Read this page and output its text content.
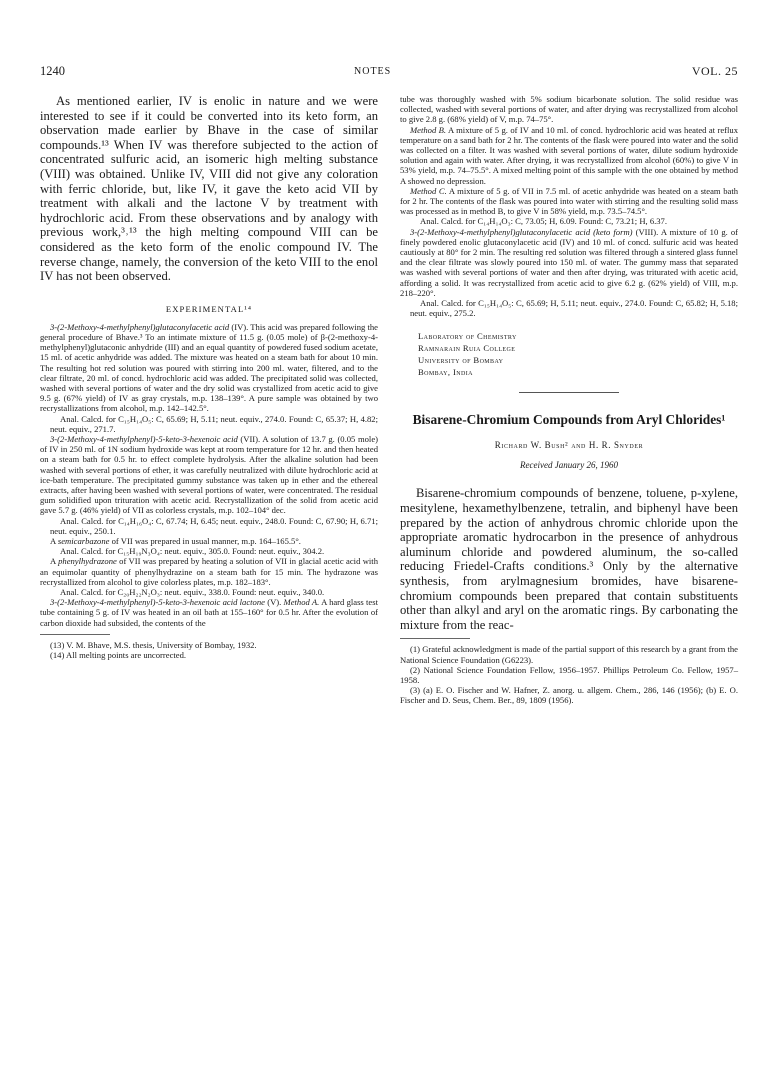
1240	NOTES	VOL. 25

As mentioned earlier, IV is enolic in nature and we were interested to see if it could be converted into its keto form, an observation made earlier by Bhave in the case of similar compounds.¹³ When IV was therefore subjected to the action of concentrated sulfuric acid, an isomeric high melting substance (VIII) was obtained. Unlike IV, VIII did not give any coloration with ferric chloride, but, like IV, it gave the keto acid VII by treatment with alkali and the lactone V by treatment with hydrochloric acid. From these observations and by analogy with previous work,³˒¹³ the high melting compound VIII can be considered as the keto form of the enolic compound IV. The reverse change, namely, the conversion of the keto VIII to the enol IV has not been observed.

EXPERIMENTAL¹⁴

3-(2-Methoxy-4-methylphenyl)glutaconylacetic acid (IV). This acid was prepared following the general procedure of Bhave.³ To an intimate mixture of 11.5 g. (0.05 mole) of β-(2-methoxy-4-methylphenyl)glutaconic anhydride (III) and an equal quantity of powdered fused sodium acetate, 15 ml. of acetic anhydride was added. The mixture was heated on a steam bath for about 10 min. The resulting hot red solution was poured with stirring into 200 ml. water, filtered, and to the clear filtrate, 20 ml. of concd. hydrochloric acid was added. The precipitated solid was collected, washed with several portions of water and the dry solid was crystallized from acetic acid to give 9.5 g. (67% yield) of IV as gray crystals, m.p. 138–139°. A pure sample was obtained by two recrystallizations from alcohol, m.p. 142–142.5°.

Anal. Calcd. for C₁₅H₁₄O₅: C, 65.69; H, 5.11; neut. equiv., 274.0. Found: C, 65.37; H, 4.82; neut. equiv., 271.7.

3-(2-Methoxy-4-methylphenyl)-5-keto-3-hexenoic acid (VII). A solution of 13.7 g. (0.05 mole) of IV in 250 ml. of 1N sodium hydroxide was kept at room temperature for 12 hr. and then heated on a steam bath for 0.5 hr. to effect complete hydrolysis. After the alkaline solution had been washed with several portions of ether, it was carefully neutralized with dilute hydrochloric acid at ice-bath temperature. The precipitated gummy substance was taken up in ether and the ethereal extracts, after having been washed with several portions of water, were concentrated. The residual gum solidified upon trituration with acetic acid. Recrystallization of the solid from acetic acid gave 5.7 g. (46% yield) of VII as colorless crystals, m.p. 102–104° dec.

Anal. Calcd. for C₁₄H₁₆O₄: C, 67.74; H, 6.45; neut. equiv., 248.0. Found: C, 67.90; H, 6.71; neut. equiv., 250.1.

A semicarbazone of VII was prepared in usual manner, m.p. 164–165.5°.

Anal. Calcd. for C₁₅H₁₉N₃O₄: neut. equiv., 305.0. Found: neut. equiv., 304.2.

A phenylhydrazone of VII was prepared by heating a solution of VII in glacial acetic acid with an equimolar quantity of phenylhydrazine on a steam bath for 15 min. The hydrazone was recrystallized from alcohol to give colorless plates, m.p. 182–183°.

Anal. Calcd. for C₂₀H₂₂N₂O₃: neut. equiv., 338.0. Found: neut. equiv., 340.0.

3-(2-Methoxy-4-methylphenyl)-5-keto-3-hexenoic acid lactone (V). Method A. A hard glass test tube containing 5 g. of IV was heated in an oil bath at 155–160° for 0.5 hr. After the evolution of carbon dioxide had subsided, the contents of the

(13) V. M. Bhave, M.S. thesis, University of Bombay, 1932.

(14) All melting points are uncorrected.

tube was thoroughly washed with 5% sodium bicarbonate solution. The solid residue was collected, washed with several portions of water, and after drying was recrystallized from alcohol to give 2.8 g. (68% yield) of V, m.p. 74–75°.

Method B. A mixture of 5 g. of IV and 10 ml. of concd. hydrochloric acid was heated at reflux temperature on a sand bath for 2 hr. The contents of the flask were poured into water and the solid was collected on a filter. It was washed with several portions of water, dilute sodium hydroxide solution and again with water. After drying, it was recrystallized from alcohol (60%) to give V in 53% yield, m.p. 74–75.5°. A mixed melting point of this sample with the one obtained by method A showed no depression.

Method C. A mixture of 5 g. of VII in 7.5 ml. of acetic anhydride was heated on a steam bath for 2 hr. The contents of the flask was poured into water with stirring and the resulting solid mass was processed as in method B, to give V in 58% yield, m.p. 73.5–74.5°.

Anal. Calcd. for C₁₄H₁₄O₃: C, 73.05; H, 6.09. Found: C, 73.21; H, 6.37.

3-(2-Methoxy-4-methylphenyl)glutaconylacetic acid (keto form) (VIII). A mixture of 10 g. of finely powdered enolic glutaconylacetic acid (IV) and 10 ml. of concd. sulfuric acid was heated cautiously at 80° for 2 min. The resulting red solution was filtered through a sintered glass funnel and the clear filtrate was slowly poured into 150 ml. of water. The gummy mass that separated was washed with several portions of water and then after drying, was triturated with acetic acid, affording a solid. It was recrystallized from acetic acid to give 6.2 g. (62% yield) of VIII, m.p. 218–220°.

Anal. Calcd. for C₁₅H₁₄O₅: C, 65.69; H, 5.11; neut. equiv., 274.0. Found: C, 65.82; H, 5.18; neut. equiv., 275.2.

Laboratory of Chemistry
Ramnarain Ruia College
University of Bombay
Bombay, India
Bisarene-Chromium Compounds from Aryl Chlorides¹
Richard W. Bush² and H. R. Snyder
Received January 26, 1960

Bisarene-chromium compounds of benzene, toluene, p-xylene, mesitylene, hexamethylbenzene, tetralin, and biphenyl have been prepared by the action of anhydrous chromic chloride upon the appropriate aromatic hydrocarbon in the presence of anhydrous aluminum chloride and powdered aluminum, the so-called reducing Friedel-Crafts conditions.³ Only by the alternative synthesis, from arylmagnesium bromides, have bisarene-chromium compounds been prepared that contain substituents other than alkyl and aryl on the aromatic rings. By carbonating the mixture from the reac-

(1) Grateful acknowledgment is made of the partial support of this research by a grant from the National Science Foundation (G6223).

(2) National Science Foundation Fellow, 1956–1957. Phillips Petroleum Co. Fellow, 1957–1958.

(3) (a) E. O. Fischer and W. Hafner, Z. anorg. u. allgem. Chem., 286, 146 (1956); (b) E. O. Fischer and D. Seus, Chem. Ber., 89, 1809 (1956).
